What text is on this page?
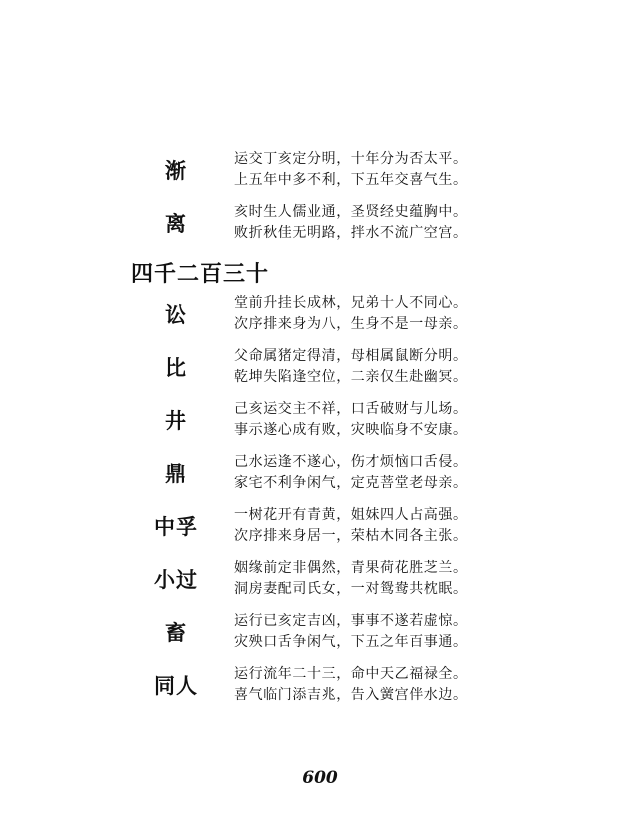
渐	运交丁亥定分明，十年分为否太平。
上五年中多不利，下五年交喜气生。
离	亥时生人儒业通，圣贤经史蕴胸中。
败折秋佳无明路，拌水不流广空宫。
四千二百三十
讼	堂前升挂长成林，兄弟十人不同心。
次序排来身为八，生身不是一母亲。
比	父命属猪定得清，母相属鼠断分明。
乾坤失陷逢空位，二亲仅生赴幽冥。
井	己亥运交主不祥，口舌破财与儿场。
事示遂心成有败，灾映临身不安康。
鼎	己水运逢不遂心，伤才烦恼口舌侵。
家宅不利争闲气，定克菩堂老母亲。
中孚	一树花开有青黄，姐妹四人占高强。
次序排来身居一，荣枯木同各主张。
小过	姻缘前定非偶然，青果荷花胜芝兰。
洞房妻配司氏女，一对鸳鸯共枕眠。
畜	运行已亥定吉凶，事事不遂若虚惊。
灾殃口舌争闲气，下五之年百事通。
同人	运行流年二十三，命中天乙福禄全。
喜气临门添吉兆，告入黉宫伴水边。
600
